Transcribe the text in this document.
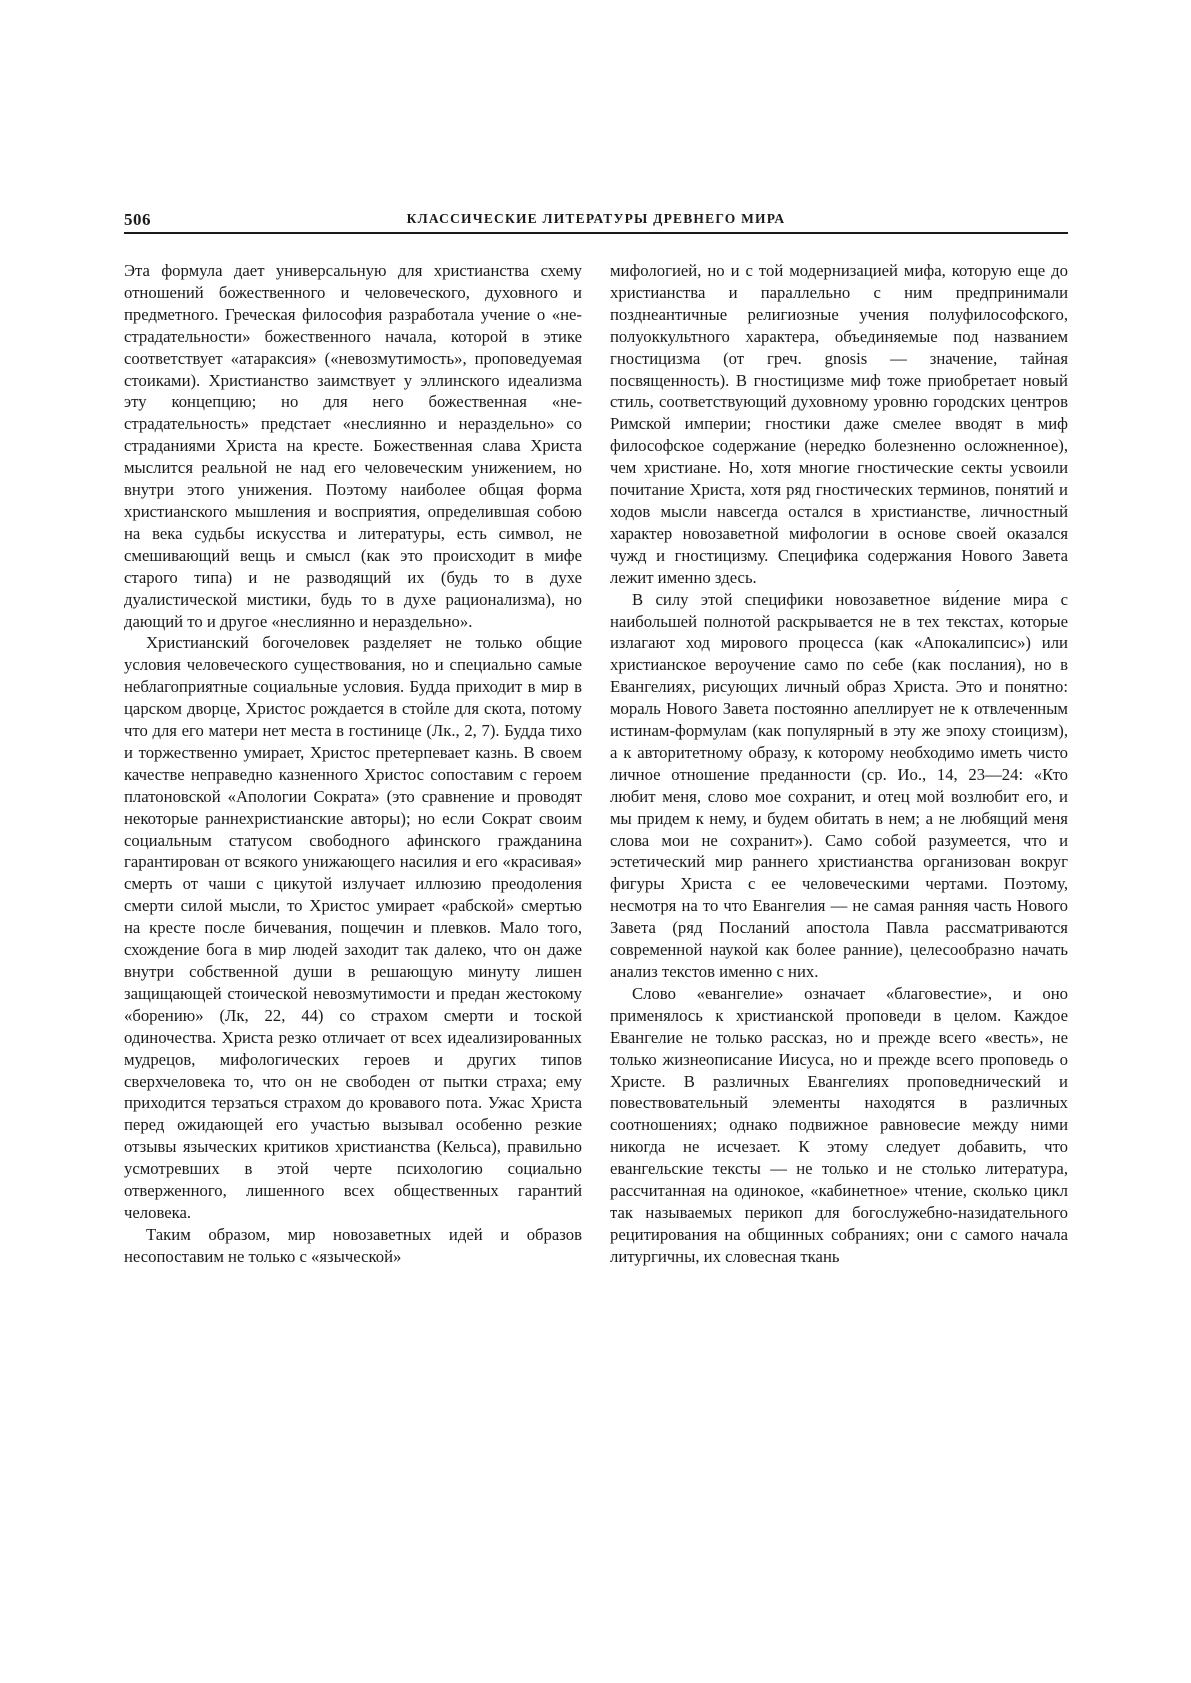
506	КЛАССИЧЕСКИЕ ЛИТЕРАТУРЫ ДРЕВНЕГО МИРА

Эта формула дает универсальную для христианства схему отношений божественного и человеческого, духовного и предметного. Греческая философия разработала учение о «не-страдательности» божественного начала, которой в этике соответствует «атараксия» («невозмутимость», проповедуемая стоиками). Христианство заимствует у эллинского идеализма эту концепцию; но для него божественная «не-страдательность» предстает «неслиянно и нераздельно» со страданиями Христа на кресте. Божественная слава Христа мыслится реальной не над его человеческим унижением, но внутри этого унижения. Поэтому наиболее общая форма христианского мышления и восприятия, определившая собою на века судьбы искусства и литературы, есть символ, не смешивающий вещь и смысл (как это происходит в мифе старого типа) и не разводящий их (будь то в духе дуалистической мистики, будь то в духе рационализма), но дающий то и другое «неслиянно и нераздельно».

Христианский богочеловек разделяет не только общие условия человеческого существования, но и специально самые неблагоприятные социальные условия. Будда приходит в мир в царском дворце, Христос рождается в стойле для скота, потому что для его матери нет места в гостинице (Лк., 2, 7). Будда тихо и торжественно умирает, Христос претерпевает казнь. В своем качестве неправедно казненного Христос сопоставим с героем платоновской «Апологии Сократа» (это сравнение и проводят некоторые раннехристианские авторы); но если Сократ своим социальным статусом свободного афинского гражданина гарантирован от всякого унижающего насилия и его «красивая» смерть от чаши с цикутой излучает иллюзию преодоления смерти силой мысли, то Христос умирает «рабской» смертью на кресте после бичевания, пощечин и плевков. Мало того, схождение бога в мир людей заходит так далеко, что он даже внутри собственной души в решающую минуту лишен защищающей стоической невозмутимости и предан жестокому «борению» (Лк, 22, 44) со страхом смерти и тоской одиночества. Христа резко отличает от всех идеализированных мудрецов, мифологических героев и других типов сверхчеловека то, что он не свободен от пытки страха; ему приходится терзаться страхом до кровавого пота. Ужас Христа перед ожидающей его участью вызывал особенно резкие отзывы языческих критиков христианства (Кельса), правильно усмотревших в этой черте психологию социально отверженного, лишенного всех общественных гарантий человека.

Таким образом, мир новозаветных идей и образов несопоставим не только с «языческой»

мифологией, но и с той модернизацией мифа, которую еще до христианства и параллельно с ним предпринимали позднеантичные религиозные учения полуфилософского, полуоккультного характера, объединяемые под названием гностицизма (от греч. gnosis — значение, тайная посвященность). В гностицизме миф тоже приобретает новый стиль, соответствующий духовному уровню городских центров Римской империи; гностики даже смелее вводят в миф философское содержание (нередко болезненно осложненное), чем христиане. Но, хотя многие гностические секты усвоили почитание Христа, хотя ряд гностических терминов, понятий и ходов мысли навсегда остался в христианстве, личностный характер новозаветной мифологии в основе своей оказался чужд и гностицизму. Специфика содержания Нового Завета лежит именно здесь.

В силу этой специфики новозаветное ви́дение мира с наибольшей полнотой раскрывается не в тех текстах, которые излагают ход мирового процесса (как «Апокалипсис») или христианское вероучение само по себе (как послания), но в Евангелиях, рисующих личный образ Христа. Это и понятно: мораль Нового Завета постоянно апеллирует не к отвлеченным истинам-формулам (как популярный в эту же эпоху стоицизм), а к авторитетному образу, к которому необходимо иметь чисто личное отношение преданности (ср. Ио., 14, 23—24: «Кто любит меня, слово мое сохранит, и отец мой возлюбит его, и мы придем к нему, и будем обитать в нем; а не любящий меня слова мои не сохранит»). Само собой разумеется, что и эстетический мир раннего христианства организован вокруг фигуры Христа с ее человеческими чертами. Поэтому, несмотря на то что Евангелия — не самая ранняя часть Нового Завета (ряд Посланий апостола Павла рассматриваются современной наукой как более ранние), целесообразно начать анализ текстов именно с них.

Слово «евангелие» означает «благовестие», и оно применялось к христианской проповеди в целом. Каждое Евангелие не только рассказ, но и прежде всего «весть», не только жизнеописание Иисуса, но и прежде всего проповедь о Христе. В различных Евангелиях проповеднический и повествовательный элементы находятся в различных соотношениях; однако подвижное равновесие между ними никогда не исчезает. К этому следует добавить, что евангельские тексты — не только и не столько литература, рассчитанная на одинокое, «кабинетное» чтение, сколько цикл так называемых перикоп для богослужебно-назидательного рецитирования на общинных собраниях; они с самого начала литургичны, их словесная ткань
